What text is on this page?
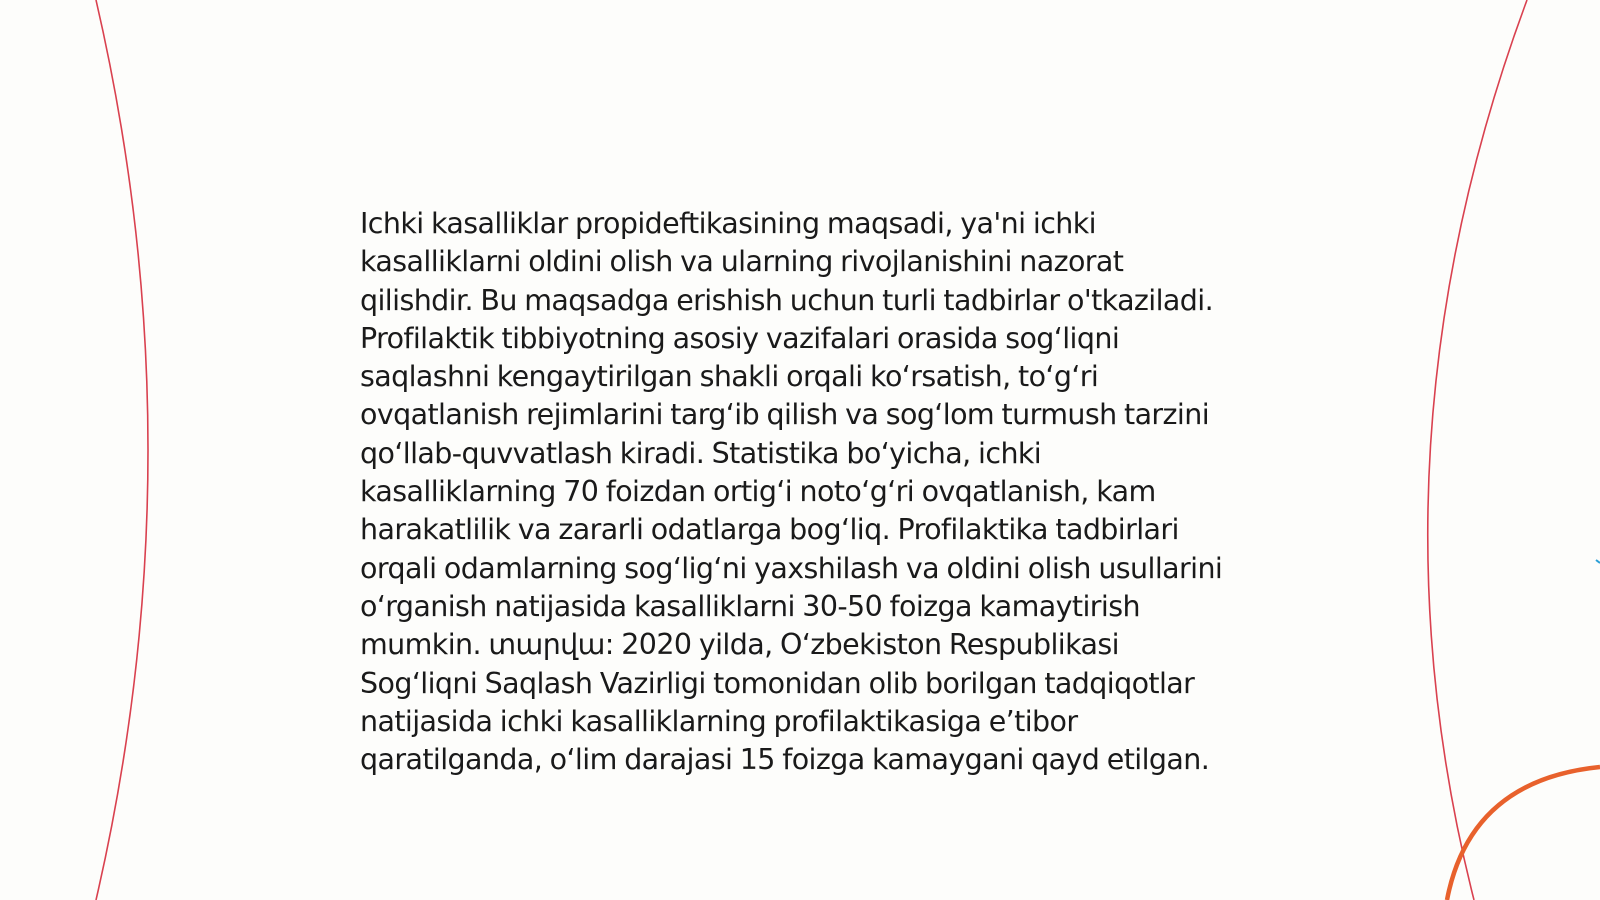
Ichki kasalliklar propideftikasining maqsadi, ya'ni ichki kasalliklarni oldini olish va ularning rivojlanishini nazorat qilishdir. Bu maqsadga erishish uchun turli tadbirlar o'tkaziladi. Profilaktik tibbiyotning asosiy vazifalari orasida sog‘liqni saqlashni kengaytirilgan shakli orqali ko‘rsatish, to‘g‘ri ovqatlanish rejimlarini targ‘ib qilish va sog‘lom turmush tarzini qo‘llab-quvvatlash kiradi. Statistika bo‘yicha, ichki kasalliklarning 70 foizdan ortig‘i noto‘g‘ri ovqatlanish, kam harakatlilik va zararli odatlarga bog‘liq. Profilaktika tadbirlari orqali odamlarning sog‘lig‘ni yaxshilash va oldini olish usullarini o‘rganish natijasida kasalliklarni 30-50 foizga kamaytirish mumkin. տարվա: 2020 yilda, O‘zbekiston Respublikasi Sog‘liqni Saqlash Vazirligi tomonidan olib borilgan tadqiqotlar natijasida ichki kasalliklarning profilaktikasiga e’tibor qaratilganda, o‘lim darajasi 15 foizga kamaygani qayd etilgan.
